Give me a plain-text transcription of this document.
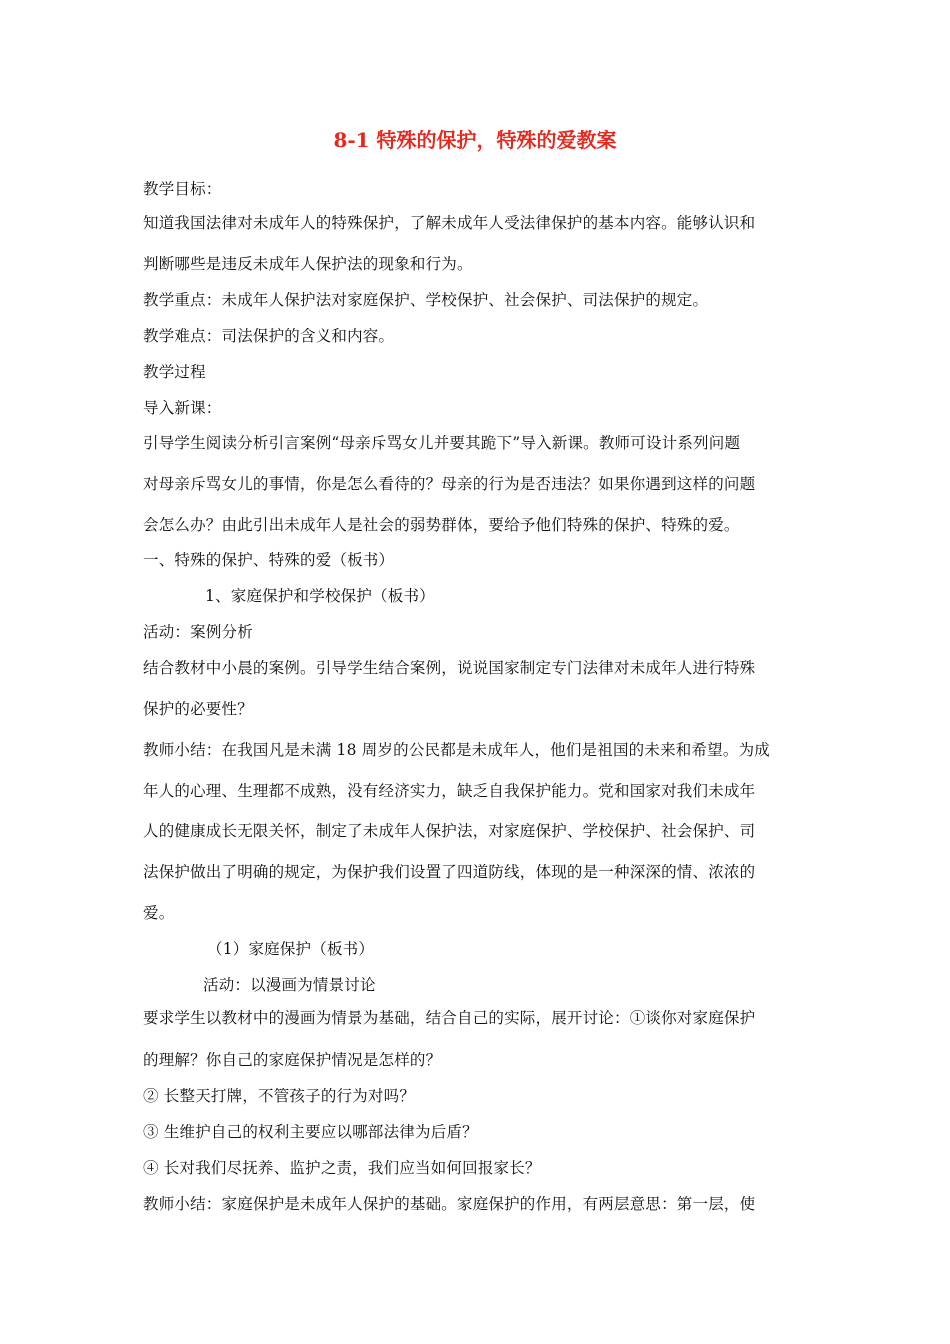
8-1 特殊的保护，特殊的爱教案
教学目标：
知道我国法律对未成年人的特殊保护，了解未成年人受法律保护的基本内容。能够认识和
判断哪些是违反未成年人保护法的现象和行为。
教学重点：未成年人保护法对家庭保护、学校保护、社会保护、司法保护的规定。
教学难点：司法保护的含义和内容。
教学过程
导入新课：
引导学生阅读分析引言案例“母亲斥骂女儿并要其跪下”导入新课。教师可设计系列问题
对母亲斥骂女儿的事情，你是怎么看待的？母亲的行为是否违法？如果你遇到这样的问题
会怎么办？由此引出未成年人是社会的弱势群体，要给予他们特殊的保护、特殊的爱。
一、特殊的保护、特殊的爱（板书）
1、家庭保护和学校保护（板书）
活动：案例分析
结合教材中小晨的案例。引导学生结合案例，说说国家制定专门法律对未成年人进行特殊
保护的必要性？
教师小结：在我国凡是未满 18 周岁的公民都是未成年人，他们是祖国的未来和希望。为成
年人的心理、生理都不成熟，没有经济实力，缺乏自我保护能力。党和国家对我们未成年
人的健康成长无限关怀，制定了未成年人保护法，对家庭保护、学校保护、社会保护、司
法保护做出了明确的规定，为保护我们设置了四道防线，体现的是一种深深的情、浓浓的
爱。
（1）家庭保护（板书）
活动：以漫画为情景讨论
要求学生以教材中的漫画为情景为基础，结合自己的实际，展开讨论：①谈你对家庭保护
的理解？你自己的家庭保护情况是怎样的？
② 长整天打牌，不管孩子的行为对吗？
③ 生维护自己的权利主要应以哪部法律为后盾？
④ 长对我们尽抚养、监护之责，我们应当如何回报家长？
教师小结：家庭保护是未成年人保护的基础。家庭保护的作用，有两层意思：第一层，使
